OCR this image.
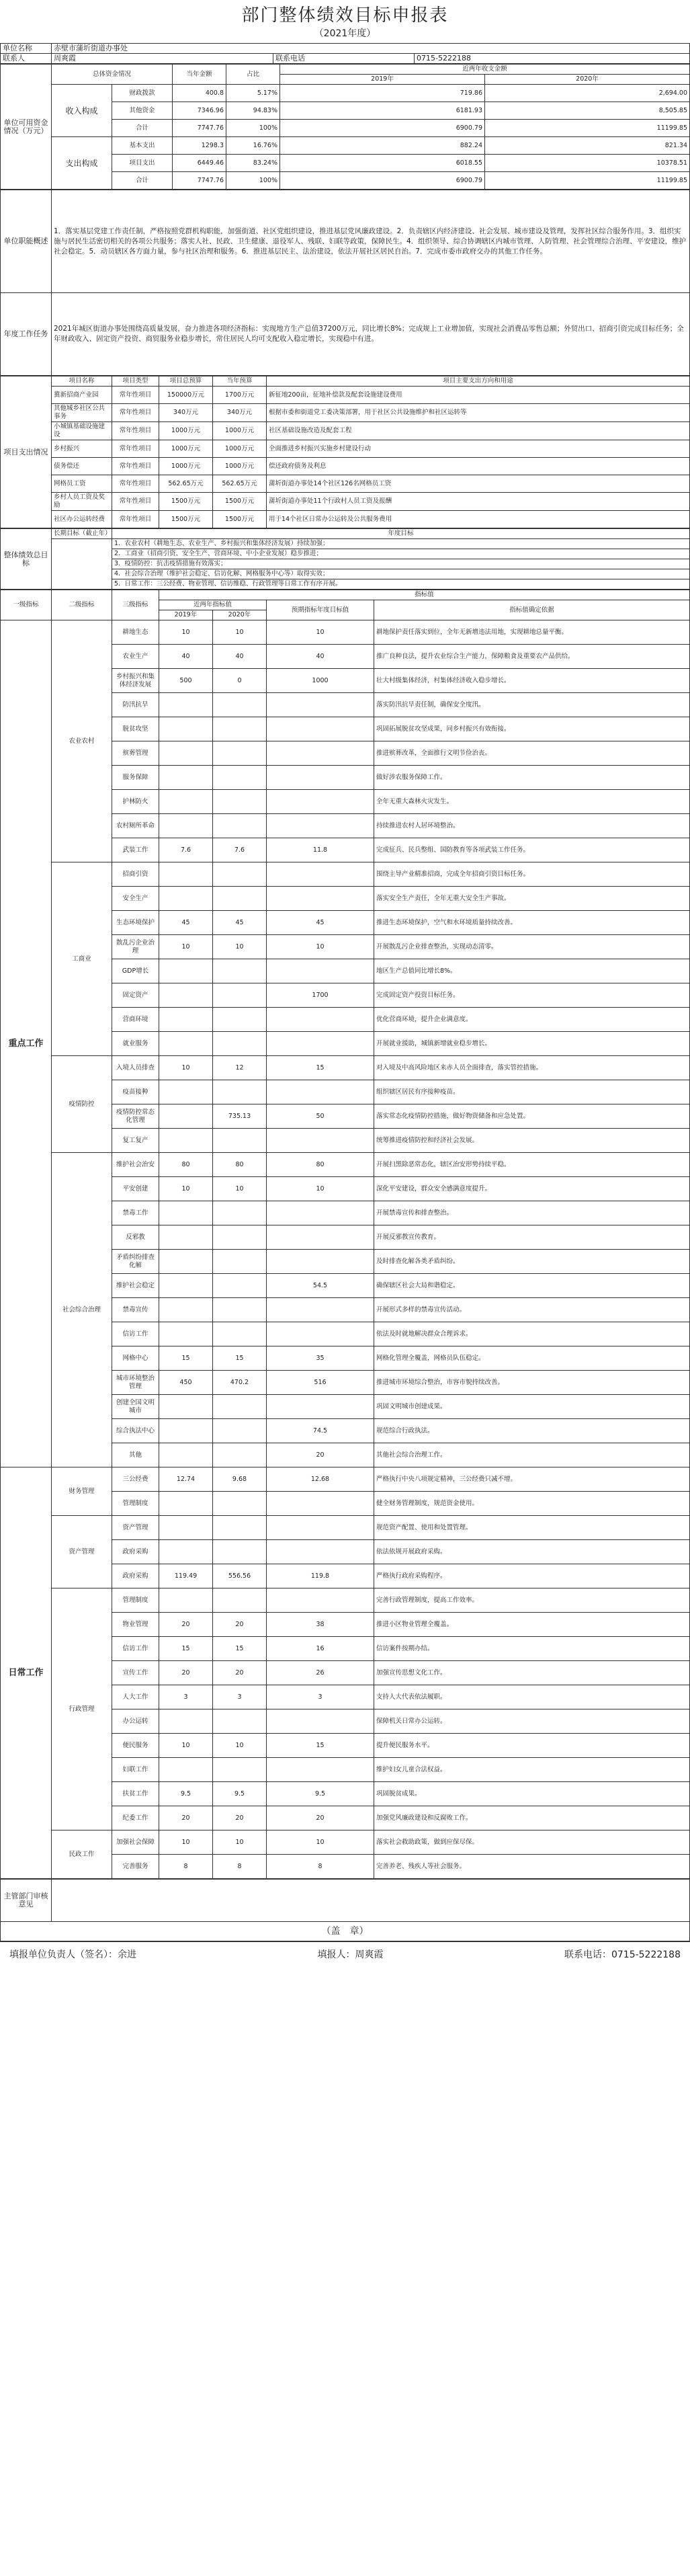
部门整体绩效目标申报表
（2021年度）
单位名称	赤壁市蒲圻街道办事处		
联系人	周爽霞	联系电话	0715-5222188
单位可用资金情况（万元）	总体资金情况		当年金额	占比	近两年收支金额	
					2019年	2020年
	收入构成	财政拨款	400.8	5.17%	719.86	2,694.00
		其他资金	7346.96	94.83%	6181.93	8,505.85
		合计	7747.76	100%	6900.79	11199.85
	支出构成	基本支出	1298.3	16.76%	882.24	821.34
		项目支出	6449.46	83.24%	6018.55	10378.51
		合计	7747.76	100%	6900.79	11199.85
单位职能概述	1．落实基层党建工作责任制，严格按照党群机构职能，加强街道、社区党组织建设，推进基层党风廉政建设。2．负责辖区内经济建设、社会发展、城市建设及管理，发挥社区综合服务作用。3．组织实施与居民生活密切相关的各项公共服务；落实人社、民政、卫生健康、退役军人、残联、妇联等政策，保障民生。4．组织领导、综合协调辖区内城市管理、人防管理、社会管理综合治理、平安建设，维护社会稳定。5．动员辖区各方面力量，参与社区治理和服务。6．推进基层民主、法治建设，依法开展社区居民自治。7．完成市委市政府交办的其他工作任务。
年度工作任务	2021年城区街道办事处围绕高质量发展，奋力推进各项经济指标：实现地方生产总值37200万元，同比增长8%；完成规上工业增加值，实现社会消费品零售总额；外贸出口、招商引资完成目标任务；全年财政收入、固定资产投资、商贸服务业稳步增长，常住居民人均可支配收入稳定增长，实现稳中有进。
项目支出情况	项目名称	项目类型	项目总预算	当年预算	项目主要支出方向和用途
	冀新招商产业园	常年性项目	150000万元	1700万元	新征地200亩，征地补偿款及配套设施建设费用
	其他城乡社区公共事务	常年性项目	340万元	340万元	根据市委和街道党工委决策部署，用于社区公共设施维护和社区运转等
	小城镇基础设施建设	常年性项目	1000万元	1000万元	社区基础设施改造及配套工程
	乡村振兴	常年性项目	1000万元	1000万元	全面推进乡村振兴实施乡村建设行动
	债务偿还	常年性项目	1000万元	1000万元	偿还政府债务及利息
	网格员工资	常年性项目	562.65万元	562.65万元	蒲圻街道办事处14个社区126名网格员工资
	乡村人员工资及奖励	常年性项目	1500万元	1500万元	蒲圻街道办事处11个行政村人员工资及报酬
	社区办公运转经费	常年性项目	1500万元	1500万元	用于14个社区日常办公运转及公共服务费用
整体绩效总目标	长期目标（截止年）	年度目标
		1．农业农村（耕地生态、农业生产、乡村振兴和集体经济发展）持续加强；
		2．工商业（招商引资、安全生产、营商环境、中小企业发展）稳步推进；
		3．疫情防控：抗击疫情措施有效落实；
		4．社会综合治理（维护社会稳定、信访化解、网格服务中心等）取得实效；
		5．日常工作：三公经费、物业管理、信访维稳、行政管理等日常工作有序开展。
一级指标	二级指标	三级指标	指标值			
			近两年指标值		预期指标年度目标值	指标值确定依据
			2019年	2020年		
重点工作	农业农村	耕地生态	10	10	10	耕地保护责任落实到位，全年无新增违法用地，实现耕地总量平衡。
		农业生产	40	40	40	推广良种良法，提升农业综合生产能力，保障粮食及重要农产品供给。
		乡村振兴和集体经济发展	500	0	1000	壮大村级集体经济，村集体经济收入稳步增长。
		防汛抗旱				落实防汛抗旱责任制，确保安全度汛。
		脱贫攻坚				巩固拓展脱贫攻坚成果，同乡村振兴有效衔接。
		殡葬管理				推进殡葬改革，全面推行文明节俭治丧。
		服务保障				做好涉农服务保障工作。
		护林防火				全年无重大森林火灾发生。
		农村厕所革命				持续推进农村人居环境整治。
		武装工作	7.6	7.6	11.8	完成征兵、民兵整组、国防教育等各项武装工作任务。
	工商业	招商引资				围绕主导产业精准招商，完成全年招商引资目标任务。
		安全生产				落实安全生产责任，全年无重大安全生产事故。
		生态环境保护	45	45	45	推进生态环境保护，空气和水环境质量持续改善。
		散乱污企业治理	10	10	10	开展散乱污企业排查整治，实现动态清零。
		GDP增长				地区生产总值同比增长8%。
		固定资产			1700	完成固定资产投资目标任务。
		营商环境				优化营商环境，提升企业满意度。
		就业服务				开展就业援助，城镇新增就业稳步增长。
	疫情防控	入境人员排查	10	12	15	对入境及中高风险地区来赤人员全面排查，落实管控措施。
		疫苗接种				组织辖区居民有序接种疫苗。
		疫情防控常态化管理		735.13	50	落实常态化疫情防控措施，做好物资储备和应急处置。
		复工复产				统筹推进疫情防控和经济社会发展。
	社会综合治理	维护社会治安	80	80	80	开展扫黑除恶常态化，辖区治安形势持续平稳。
		平安创建	10	10	10	深化平安建设，群众安全感满意度提升。
		禁毒工作				开展禁毒宣传和排查整治。
		反邪教				开展反邪教宣传教育。
		矛盾纠纷排查化解				及时排查化解各类矛盾纠纷。
		维护社会稳定			54.5	确保辖区社会大局和谐稳定。
		禁毒宣传				开展形式多样的禁毒宣传活动。
		信访工作				依法及时就地解决群众合理诉求。
		网格中心	15	15	35	网格化管理全覆盖，网格员队伍稳定。
		城市环境整治管理	450	470.2	516	推进城市环境综合整治，市容市貌持续改善。
		创建全国文明城市				巩固文明城市创建成果。
		综合执法中心			74.5	规范综合行政执法。
		其他			20	其他社会综合治理工作。
日常工作	财务管理	三公经费	12.74	9.68	12.68	严格执行中央八项规定精神，三公经费只减不增。
		管理制度				健全财务管理制度，规范资金使用。
	资产管理	资产管理				规范资产配置、使用和处置管理。
		政府采购				依法依规开展政府采购。
		政府采购	119.49	556.56	119.8	严格执行政府采购程序。
	行政管理	管理制度				完善行政管理制度，提高工作效率。
		物业管理	20	20	38	推进小区物业管理全覆盖。
		信访工作	15	15	16	信访案件按期办结。
		宣传工作	20	20	26	加强宣传思想文化工作。
		人大工作	3	3	3	支持人大代表依法履职。
		办公运转				保障机关日常办公运转。
		便民服务	10	10	15	提升便民服务水平。
		妇联工作				维护妇女儿童合法权益。
		扶贫工作	9.5	9.5	9.5	巩固脱贫成果。
		纪委工作	20	20	20	加强党风廉政建设和反腐败工作。
	民政工作	加强社会保障	10	10	10	落实社会救助政策，做到应保尽保。
		完善服务	8	8	8	完善养老、残疾人等社会服务。
主管部门审核意见	
（盖　章）
填报单位负责人（签名）：余进	填报人：周爽霞	联系电话：0715-5222188
